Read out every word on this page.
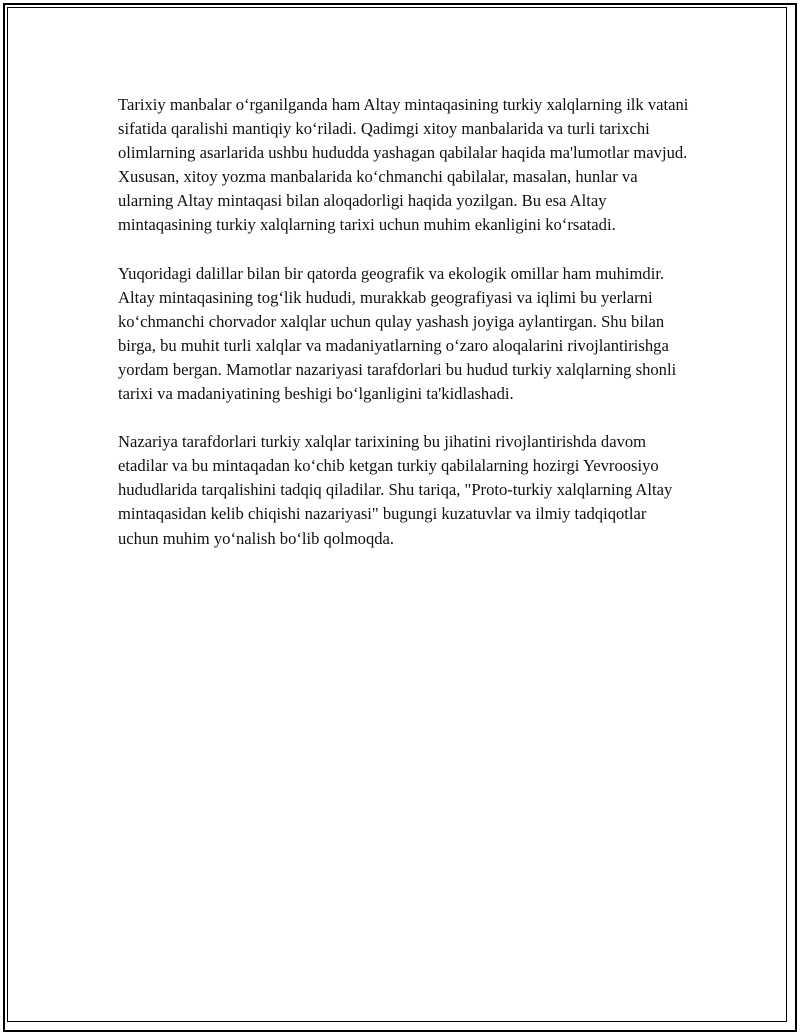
Tarixiy manbalar o‘rganilganda ham Altay mintaqasining turkiy xalqlarning ilk vatani sifatida qaralishi mantiqiy ko‘riladi. Qadimgi xitoy manbalarida va turli tarixchi olimlarning asarlarida ushbu hududda yashagan qabilalar haqida ma'lumotlar mavjud. Xususan, xitoy yozma manbalarida ko‘chmanchi qabilalar, masalan, hunlar va ularning Altay mintaqasi bilan aloqadorligi haqida yozilgan. Bu esa Altay mintaqasining turkiy xalqlarning tarixi uchun muhim ekanligini ko‘rsatadi.

Yuqoridagi dalillar bilan bir qatorda geografik va ekologik omillar ham muhimdir. Altay mintaqasining tog‘lik hududi, murakkab geografiyasi va iqlimi bu yerlarni ko‘chmanchi chorvador xalqlar uchun qulay yashash joyiga aylantirgan. Shu bilan birga, bu muhit turli xalqlar va madaniyatlarning o‘zaro aloqalarini rivojlantirishga yordam bergan. Mamotlar nazariyasi tarafdorlari bu hudud turkiy xalqlarning shonli tarixi va madaniyatining beshigi bo‘lganligini ta'kidlashadi.

Nazariya tarafdorlari turkiy xalqlar tarixining bu jihatini rivojlantirishda davom etadilar va bu mintaqadan ko‘chib ketgan turkiy qabilalarning hozirgi Yevroosiyo hududlarida tarqalishini tadqiq qiladilar. Shu tariqa, "Proto-turkiy xalqlarning Altay mintaqasidan kelib chiqishi nazariyasi" bugungi kuzatuvlar va ilmiy tadqiqotlar uchun muhim yo‘nalish bo‘lib qolmoqda.
